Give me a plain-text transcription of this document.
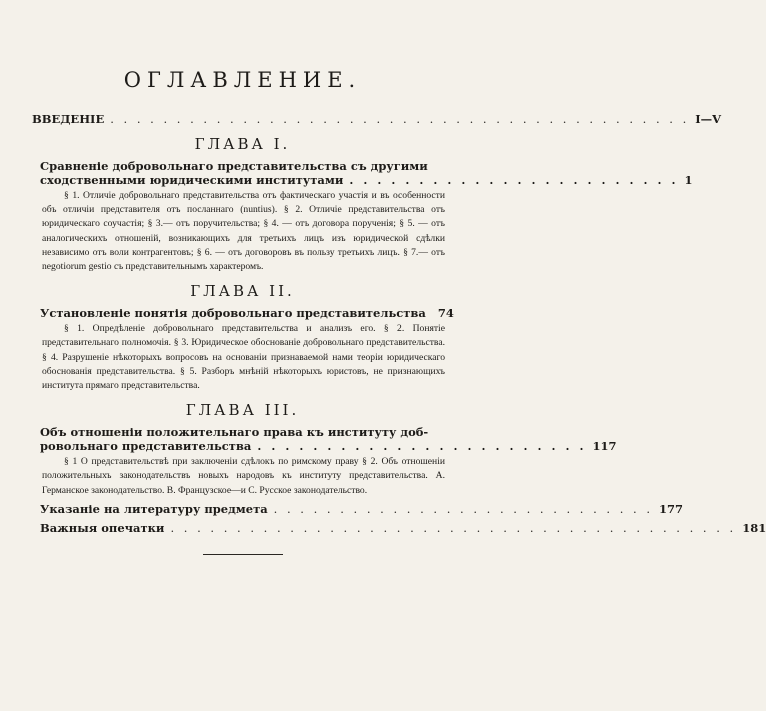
ОГЛАВЛЕНИЕ.
ВВЕДЕНІЕ . . . . . . . . . . . . . . . . . . . . . . . . . . . . . . . . . . . . . . . . . . . . I—V
ГЛАВА І.
Сравненіе добровольнаго представительства съ другими
сходственными юридическими институтами . . . . . . . . . . . . . . . . . . . . . . . . 1

§ 1. Отличіе добровольнаго представительства отъ фактическаго участія и въ особенности объ отличіи представителя отъ посланнаго (nuntius). § 2. Отличіе представительства отъ юридическаго соучастія; § 3.— отъ поручительства; § 4. — отъ договора порученія; § 5. — отъ аналогическихъ отношеній, возникающихъ для третьихъ лицъ изъ юридической сдѣлки независимо отъ воли контрагентовъ; § 6. — отъ договоровъ въ пользу третьихъ лицъ. § 7.— отъ negotiorum gestio съ представительнымъ характеромъ.

ГЛАВА ІІ.
Установленіе понятія добровольнаго представительства 74

§ 1. Опредѣленіе добровольнаго представительства и анализъ его. § 2. Понятіе представительнаго полномочія. § 3. Юридическое обоснованіе добровольнаго представительства. § 4. Разрушеніе нѣкоторыхъ вопросовъ на основаніи признаваемой нами теоріи юридическаго обоснованія представительства. § 5. Разборъ мнѣній нѣкоторыхъ юристовъ, не признающихъ института прямаго представительства.

ГЛАВА ІІІ.
Объ отношеніи положительнаго права къ институту доб-
ровольнаго представительства . . . . . . . . . . . . . . . . . . . . . . . . 117

§ 1 О представительствѣ при заключеніи сдѣлокъ по римскому праву § 2. Объ отношеніи положительныхъ законодательствъ новыхъ народовъ къ институту представительства. А. Германское законодательство. В. Французское—и С. Русское законодательство.

Указаніе на литературу предмета . . . . . . . . . . . . . . . . . . . . . . . . . . . . . 177
Важныя опечатки . . . . . . . . . . . . . . . . . . . . . . . . . . . . . . . . . . . . . . . . . . . 181
